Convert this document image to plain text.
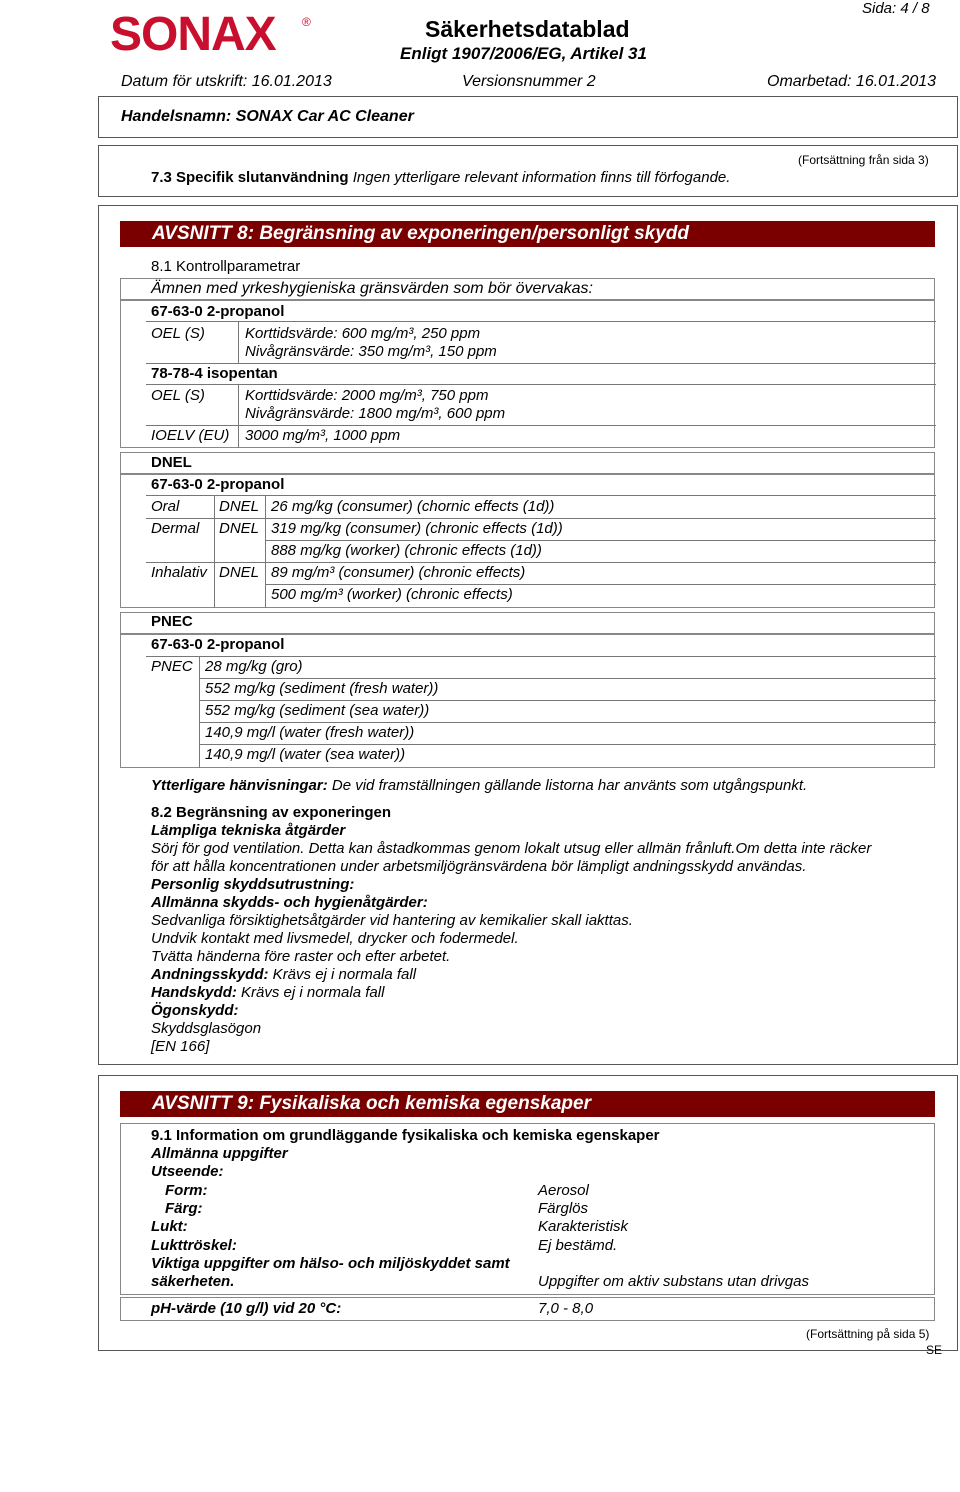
SONAX ®	Säkerhetsdatablad
Enligt 1907/2006/EG, Artikel 31
Sida: 4 / 8
Datum för utskrift: 16.01.2013	Versionsnummer 2	Omarbetad: 16.01.2013
Handelsnamn: SONAX Car AC Cleaner
(Fortsättning från sida 3)
7.3 Specifik slutanvändning Ingen ytterligare relevant information finns till förfogande.
AVSNITT 8: Begränsning av exponeringen/personligt skydd
8.1 Kontrollparametrar
Ämnen med yrkeshygieniska gränsvärden som bör övervakas:
67-63-0 2-propanol
OEL (S)	Korttidsvärde: 600 mg/m³, 250 ppm
Nivågränsvärde: 350 mg/m³, 150 ppm
78-78-4 isopentan
OEL (S)	Korttidsvärde: 2000 mg/m³, 750 ppm
Nivågränsvärde: 1800 mg/m³, 600 ppm
IOELV (EU) 3000 mg/m³, 1000 ppm
DNEL
67-63-0 2-propanol
Oral	DNEL 26 mg/kg (consumer) (chornic effects (1d))
Dermal DNEL 319 mg/kg (consumer) (chronic effects (1d))
888 mg/kg (worker) (chronic effects (1d))
Inhalativ DNEL 89 mg/m³ (consumer) (chronic effects)
500 mg/m³ (worker) (chronic effects)
PNEC
67-63-0 2-propanol
PNEC 28 mg/kg (gro)
552 mg/kg (sediment (fresh water))
552 mg/kg (sediment (sea water))
140,9 mg/l (water (fresh water))
140,9 mg/l (water (sea water))
Ytterligare hänvisningar: De vid framställningen gällande listorna har använts som utgångspunkt.
8.2 Begränsning av exponeringen
Lämpliga tekniska åtgärder
Sörj för god ventilation. Detta kan åstadkommas genom lokalt utsug eller allmän frånluft.Om detta inte räcker
för att hålla koncentrationen under arbetsmiljögränsvärdena bör lämpligt andningsskydd användas.
Personlig skyddsutrustning:
Allmänna skydds- och hygienåtgärder:
Sedvanliga försiktighetsåtgärder vid hantering av kemikalier skall iakttas.
Undvik kontakt med livsmedel, drycker och fodermedel.
Tvätta händerna före raster och efter arbetet.
Andningsskydd: Krävs ej i normala fall
Handskydd: Krävs ej i normala fall
Ögonskydd:
Skyddsglasögon
[EN 166]
AVSNITT 9: Fysikaliska och kemiska egenskaper
9.1 Information om grundläggande fysikaliska och kemiska egenskaper
Allmänna uppgifter
Utseende:
Form:	Aerosol
Färg:	Färglös
Lukt:	Karakteristisk
Lukttröskel:	Ej bestämd.
Viktiga uppgifter om hälso- och miljöskyddet samt
säkerheten.	Uppgifter om aktiv substans utan drivgas
pH-värde (10 g/l) vid 20 °C:	7,0 - 8,0
(Fortsättning på sida 5)
SE
